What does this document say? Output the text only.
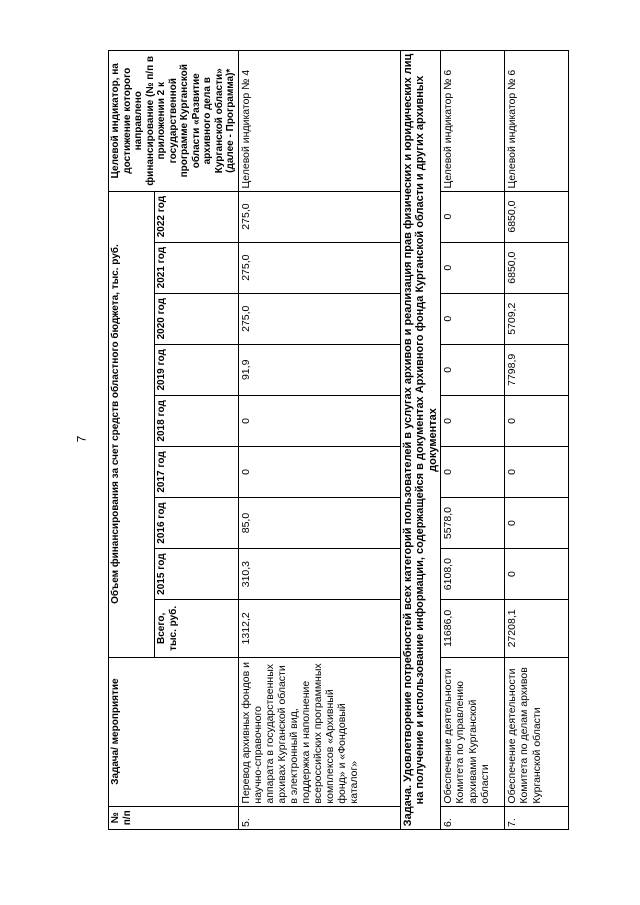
7
№ п/п	Задача/ мероприятие	Объем финансирования за счет средств областного бюджета, тыс. руб.									Целевой индикатор, на достижение которого направлено финансирование (№ п/п в приложении 2 к государственной программе Курганской области «Развитие архивного дела в Курганской области» (далее - Программа)*
		Всего, тыс. руб.	2015 год	2016 год	2017 год	2018 год	2019 год	2020 год	2021 год	2022 год	
5.	Перевод архивных фондов и научно-справочного аппарата в государственных архивах Курганской области в электронный вид, поддержка и наполнение всероссийских программных комплексов «Архивный фонд» и «Фондовый каталог»	1312,2	310,3	85,0	0	0	91,9	275,0	275,0	275,0	Целевой индикатор № 4
Задача. Удовлетворение потребностей всех категорий пользователей в услугах архивов и реализация прав физических и юридических лиц на получение и использование информации, содержащейся в документах Архивного фонда Курганской области и других архивных документах											
6.	Обеспечение деятельности Комитета по управлению архивами Курганской области	11686,0	6108,0	5578,0	0	0	0	0	0	0	Целевой индикатор № 6
7.	Обеспечение деятельности Комитета по делам архивов Курганской области	27208,1	0	0	0	0	7798,9	5709,2	6850,0	6850,0	Целевой индикатор № 6
